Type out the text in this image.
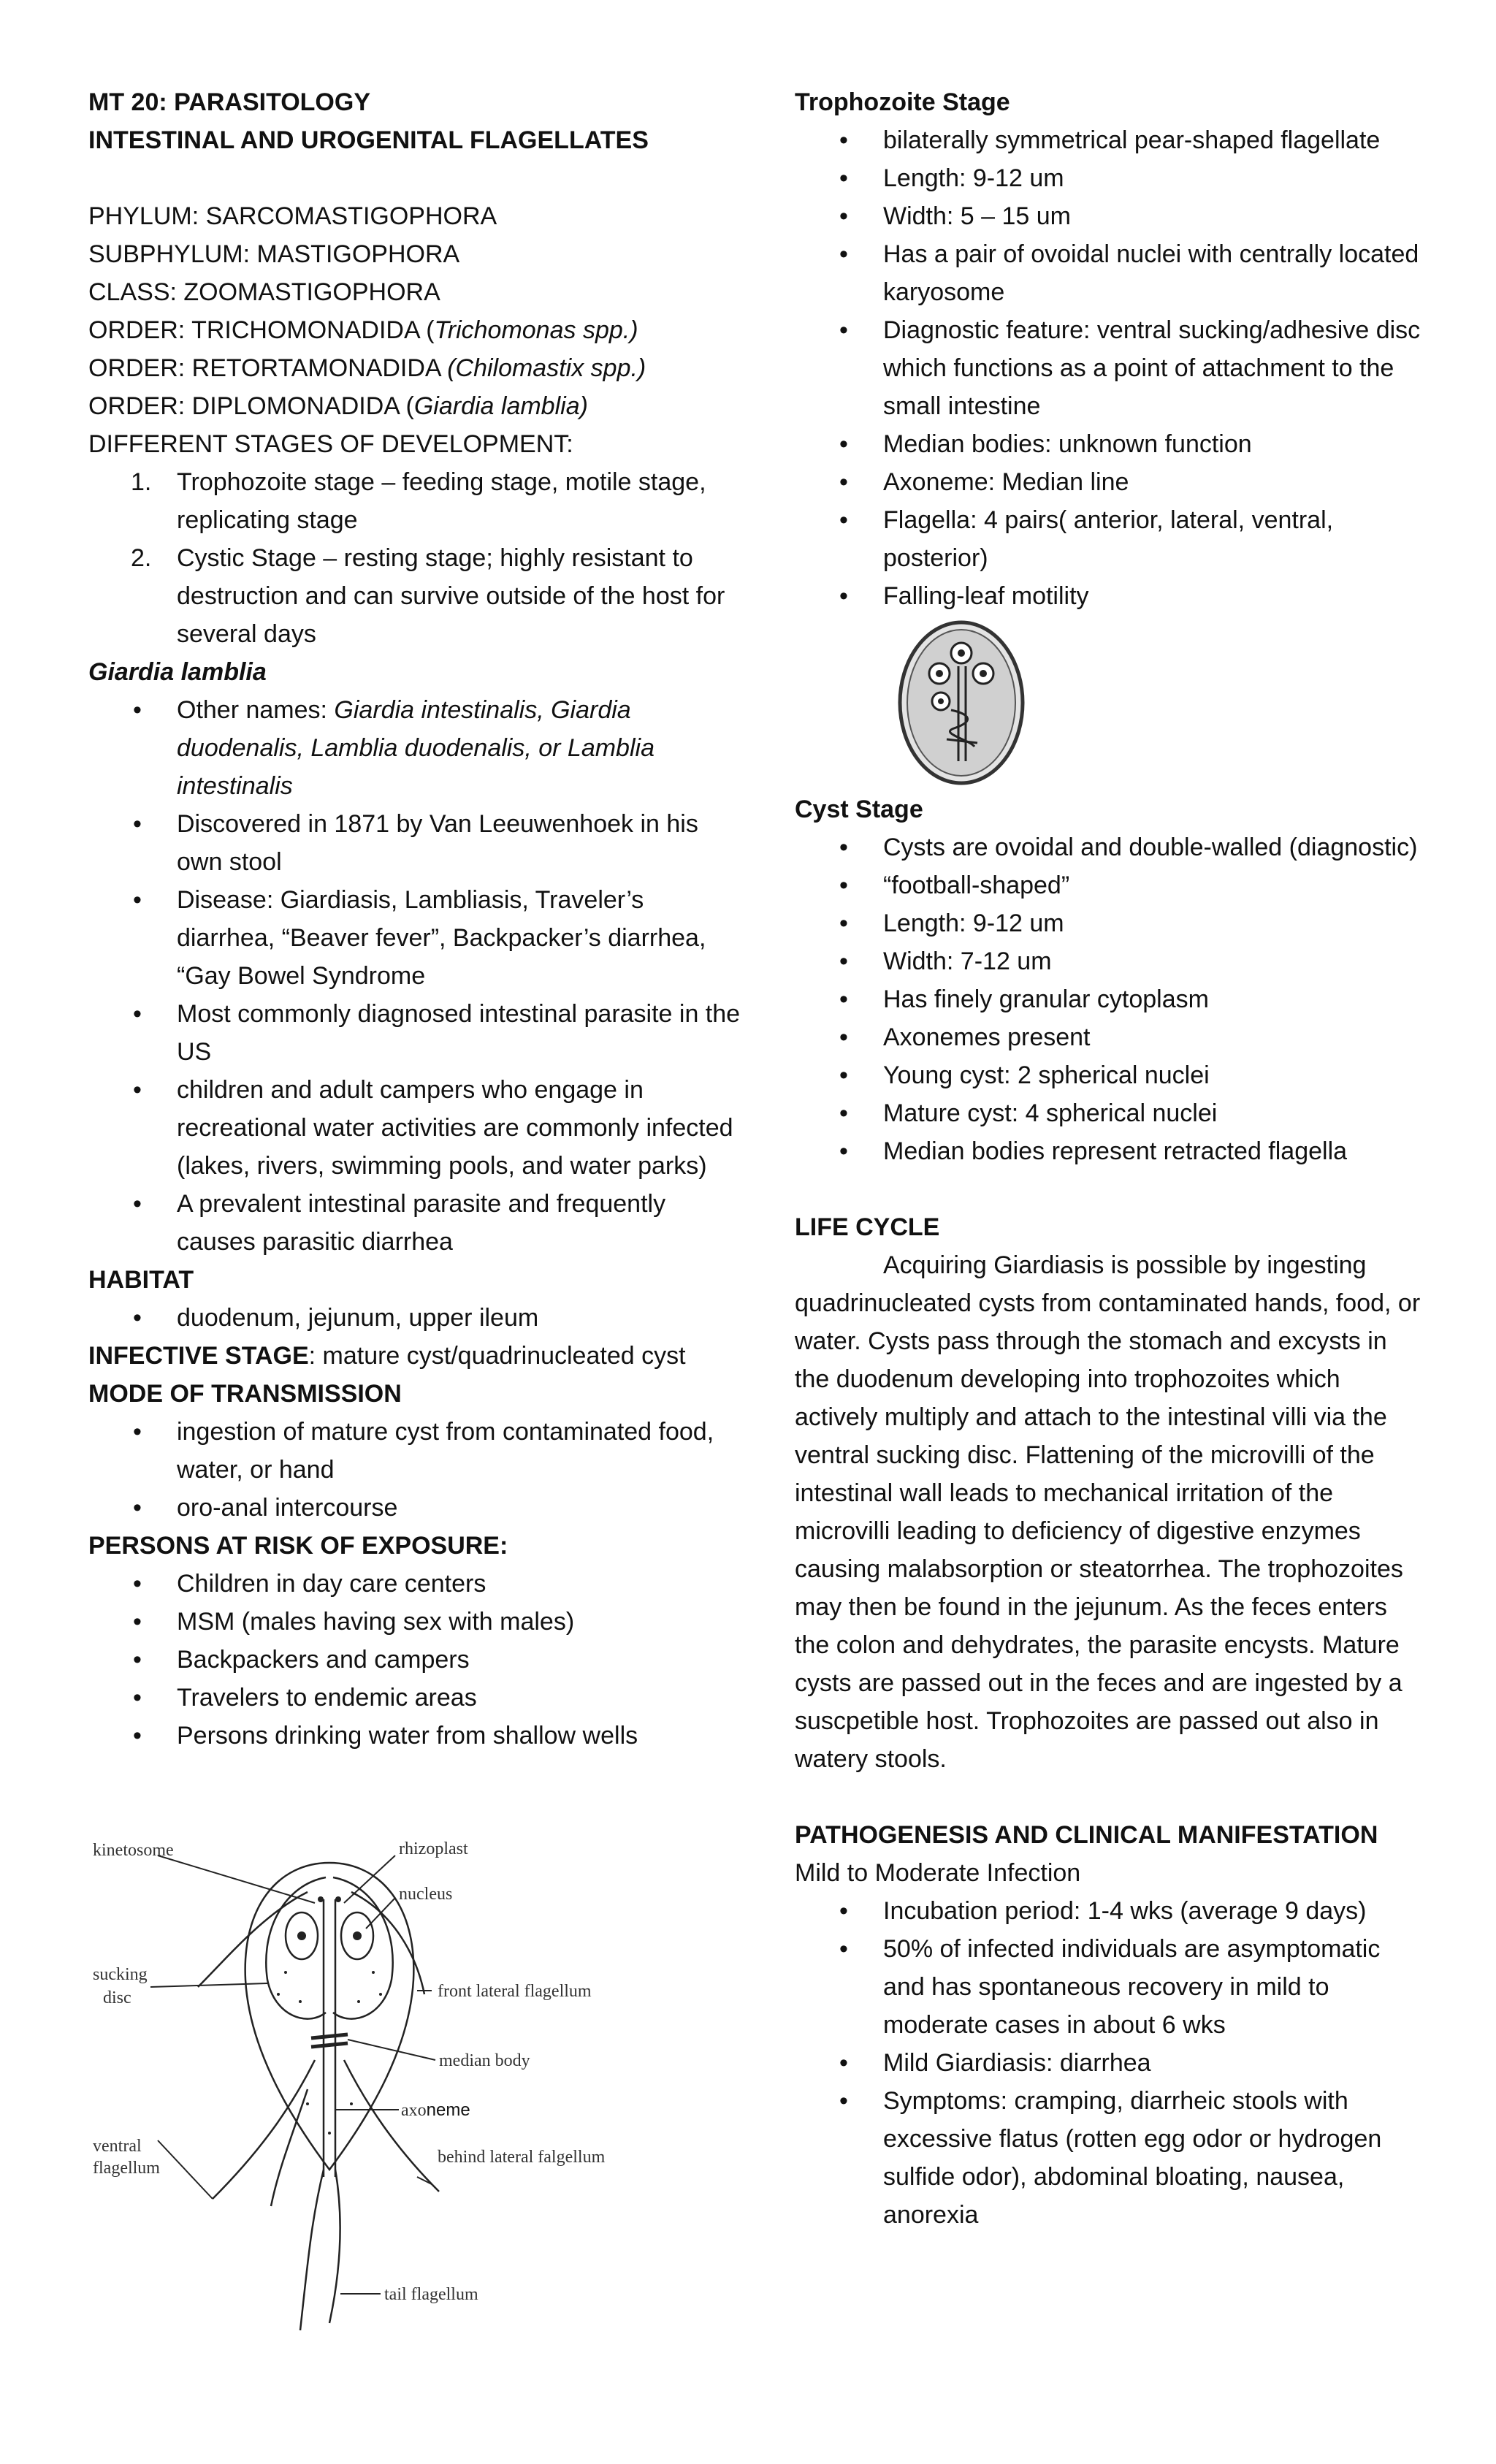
MT 20: PARASITOLOGY
INTESTINAL AND UROGENITAL FLAGELLATES
PHYLUM: SARCOMASTIGOPHORA
SUBPHYLUM: MASTIGOPHORA
CLASS: ZOOMASTIGOPHORA
ORDER: TRICHOMONADIDA (Trichomonas spp.)
ORDER: RETORTAMONADIDA (Chilomastix spp.)
ORDER: DIPLOMONADIDA (Giardia lamblia)
DIFFERENT STAGES OF DEVELOPMENT:
1. Trophozoite stage – feeding stage, motile stage, replicating stage
2. Cystic Stage – resting stage; highly resistant to destruction and can survive outside of the host for several days
Giardia lamblia
• Other names: Giardia intestinalis, Giardia duodenalis, Lamblia duodenalis, or Lamblia intestinalis
• Discovered in 1871 by Van Leeuwenhoek in his own stool
• Disease: Giardiasis, Lambliasis, Traveler’s diarrhea, “Beaver fever”, Backpacker’s diarrhea, “Gay Bowel Syndrome
• Most commonly diagnosed intestinal parasite in the US
• children and adult campers who engage in recreational water activities are commonly infected (lakes, rivers, swimming pools, and water parks)
• A prevalent intestinal parasite and frequently causes parasitic diarrhea
HABITAT
• duodenum, jejunum, upper ileum
INFECTIVE STAGE: mature cyst/quadrinucleated cyst
MODE OF TRANSMISSION
• ingestion of mature cyst from contaminated food, water, or hand
• oro-anal intercourse
PERSONS AT RISK OF EXPOSURE:
• Children in day care centers
• MSM (males having sex with males)
• Backpackers and campers
• Travelers to endemic areas
• Persons drinking water from shallow wells
kinetosome	rhizoplast
nucleus
sucking
disc	front lateral flagellum
median body
axoneme
ventral
flagellum
behind lateral falgellum
tail flagellum
Trophozoite Stage
• bilaterally symmetrical pear-shaped flagellate
• Length: 9-12 um
• Width: 5 – 15 um
• Has a pair of ovoidal nuclei with centrally located karyosome
• Diagnostic feature: ventral sucking/adhesive disc which functions as a point of attachment to the small intestine
• Median bodies: unknown function
• Axoneme: Median line
• Flagella: 4 pairs( anterior, lateral, ventral, posterior)
• Falling-leaf motility
Cyst Stage
• Cysts are ovoidal and double-walled (diagnostic)
• “football-shaped”
• Length: 9-12 um
• Width: 7-12 um
• Has finely granular cytoplasm
• Axonemes present
• Young cyst: 2 spherical nuclei
• Mature cyst: 4 spherical nuclei
• Median bodies represent retracted flagella
LIFE CYCLE
Acquiring Giardiasis is possible by ingesting quadrinucleated cysts from contaminated hands, food, or water. Cysts pass through the stomach and excysts in the duodenum developing into trophozoites which actively multiply and attach to the intestinal villi via the ventral sucking disc. Flattening of the microvilli of the intestinal wall leads to mechanical irritation of the microvilli leading to deficiency of digestive enzymes causing malabsorption or steatorrhea. The trophozoites may then be found in the jejunum. As the feces enters the colon and dehydrates, the parasite encysts. Mature cysts are passed out in the feces and are ingested by a suscpetible host. Trophozoites are passed out also in watery stools.
PATHOGENESIS AND CLINICAL MANIFESTATION
Mild to Moderate Infection
• Incubation period: 1-4 wks (average 9 days)
• 50% of infected individuals are asymptomatic and has spontaneous recovery in mild to moderate cases in about 6 wks
• Mild Giardiasis: diarrhea
• Symptoms: cramping, diarrheic stools with excessive flatus (rotten egg odor or hydrogen sulfide odor), abdominal bloating, nausea, anorexia
